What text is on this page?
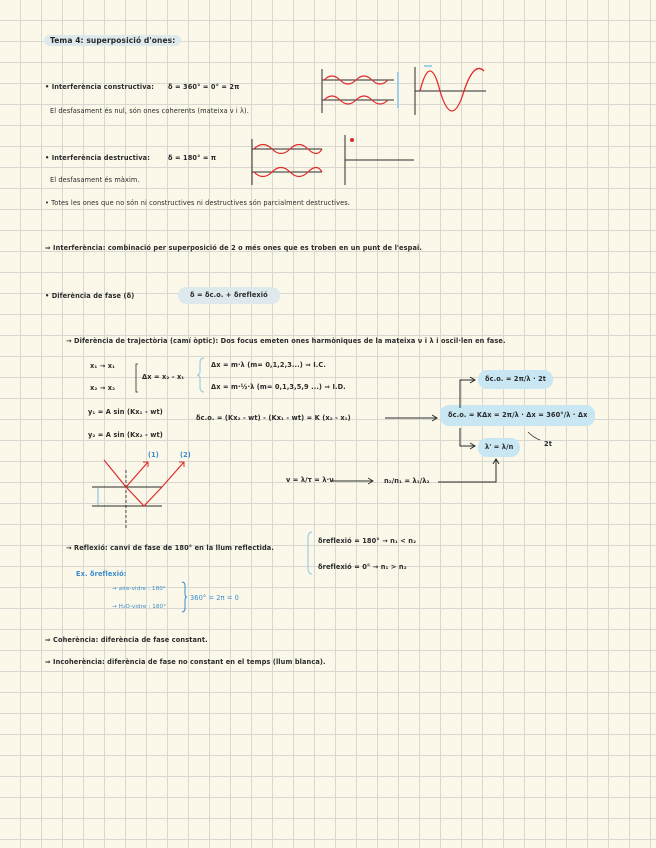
Tema 4: superposició d'ones:
• Interferència constructiva: δ = 360° = 0° = 2π
El desfasament és nul, són ones coherents (mateixa ν i λ).
• Interferència destructiva:	δ = 180° = π
El desfasament és màxim.
• Totes les ones que no són ni constructives ni destructives són parcialment destructives.
⇒ Interferència: combinació per superposició de 2 o més ones que es troben en un punt de l'espai.
• Diferència de fase (δ)	δ = δc.o. + δreflexió
→ Diferència de trajectòria (camí òptic): Dos focus emeten ones harmòniques de la mateixa ν i λ i oscil·len en fase.
x₁ → x₁
x₂ → x₂
Δx = x₂ - x₁
Δx = m·λ (m= 0,1,2,3...) ⇒ I.C.
Δx = m·½·λ (m= 0,1,3,5,9 ...) ⇒ I.D.
y₁ = A sin (Kx₁ - wt)
y₂ = A sin (Kx₂ - wt)
δc.o. = (Kx₂ - wt) - (Kx₁ - wt) = K (x₂ - x₁)	δc.o. = KΔx = 2π/λ · Δx = 360°/λ · Δx
δc.o. = 2π/λ · 2t
λ' = λ/n	2t
(1)	(2)
v = λ/τ = λ·ν	n₂/n₁ = λ₁/λ₂
→ Reflexió: canvi de fase de 180° en la llum reflectida.
δreflexió = 180° → n₁ < n₂
δreflexió = 0° → n₁ > n₂
Ex. δreflexió:
→ aire-vidre : 180°
→ H₂O-vidre : 180°
360° = 2π = 0
⇒ Coherència: diferència de fase constant.
⇒ Incoherència: diferència de fase no constant en el temps (llum blanca).
